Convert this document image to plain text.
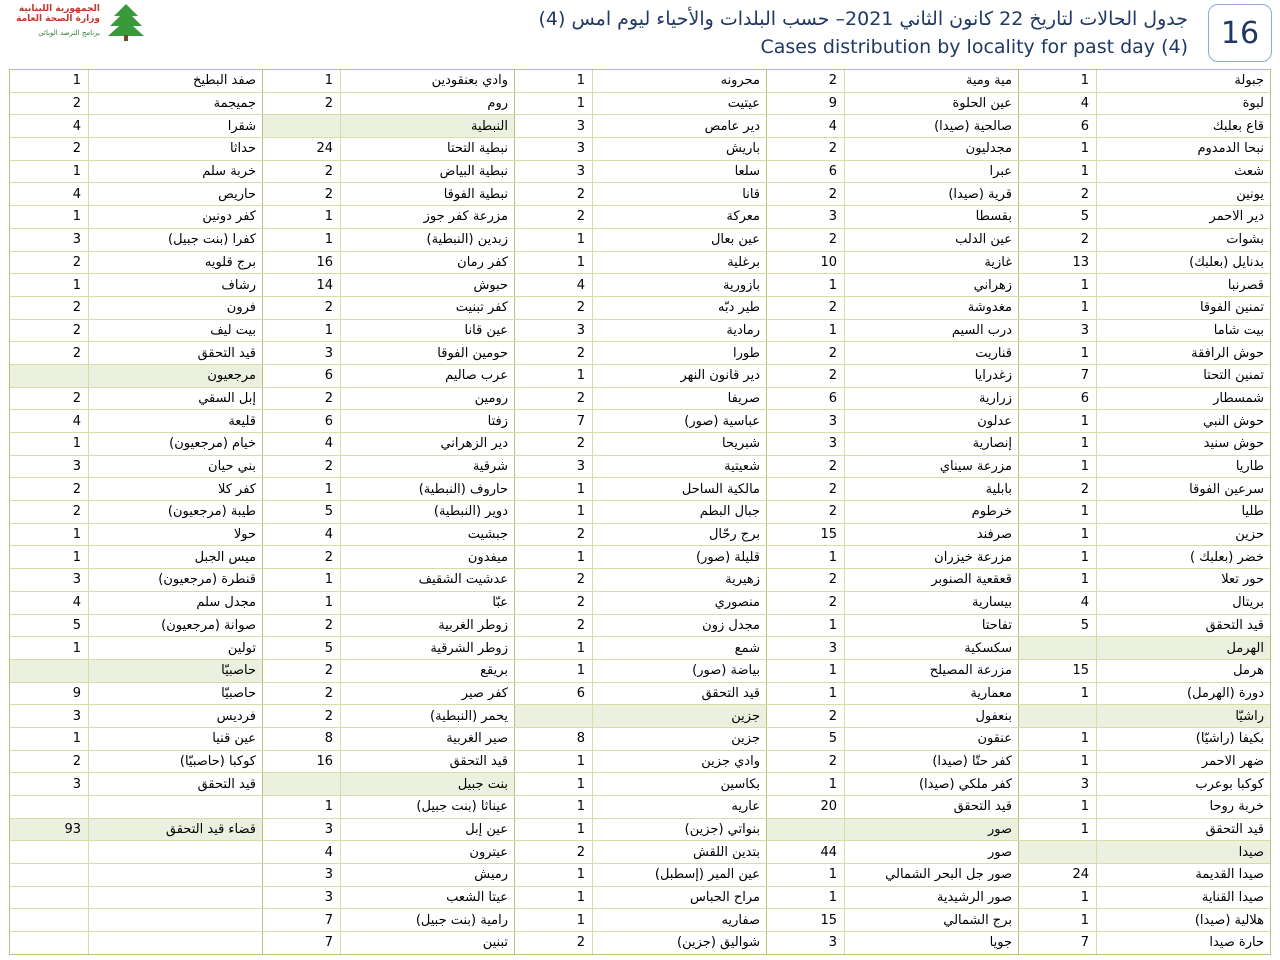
الجمهورية اللبنانية
وزارة الصحة العامة
برنامج الترصد الوبائي
جدول الحالات لتاريخ 22 كانون الثاني 2021– حسب البلدات والأحياء ليوم امس (4)
Cases distribution by locality for past day (4)	16
جبولة
1
مية ومية
2
محرونه
1
وادي بعنقودين
1
صفد البطيخ
1
لبوة
4
عين الحلوة
9
عيتيت
1
روم
2
جميجمة
2
قاع بعلبك
6
صالحية (صيدا)
4
دير عامص
3
النبطية
شقرا
4
نبحا الدمدوم
1
مجدليون
2
باريش
3
نبطية التحتا
24
حداثا
2
شعث
1
عبرا
6
سلعا
3
نبطية البياض
2
خربة سلم
1
يونين
2
قرية (صيدا)
2
قانا
2
نبطية الفوقا
2
حاريص
4
دير الاحمر
5
بقسطا
3
معركة
2
مزرعة كفر جوز
1
كفر دونين
1
بشوات
2
عين الدلب
2
عين بعال
1
زبدين (النبطية)
1
كفرا (بنت جبيل)
3
بدنايل (بعلبك)
13
غازية
10
برغلية
1
كفر رمان
16
برج قلويه
2
قصرنبا
1
زهراني
1
بازورية
4
حبوش
14
رشاف
1
تمنين الفوقا
1
مغدوشة
2
طير دبّه
2
كفر تبنيت
2
فرون
2
بيت شاما
3
درب السيم
1
رمادية
3
عين قانا
1
بيت ليف
2
حوش الرافقة
1
قناريت
2
طورا
2
حومين الفوقا
3
قيد التحقق
2
تمنين التحتا
7
زغدرايا
2
دير قانون النهر
1
عرب صاليم
6
مرجعيون
شمسطار
6
زرارية
6
صريفا
2
رومين
2
إبل السقي
2
حوش النبي
1
عدلون
3
عباسية (صور)
7
زفتا
6
قليعة
4
حوش سنيد
1
إنصارية
3
شبريحا
2
دير الزهراني
4
خيام (مرجعيون)
1
طاريا
1
مزرعة سيناي
2
شعيتية
3
شرقية
2
بني حيان
3
سرعين الفوقا
2
بابلية
2
مالكية الساحل
1
حاروف (النبطية)
1
كفر كلا
2
طليا
1
خرطوم
2
جبال البطم
1
دوير (النبطية)
5
طيبة (مرجعيون)
2
حزين
1
صرفند
15
برج رحّال
2
جبشيت
4
حولا
1
خضر (بعلبك )
1
مزرعة خيزران
1
قليلة (صور)
1
ميفدون
2
ميس الجبل
1
حور تعلا
1
قعقعية الصنوبر
2
زهيرية
2
عدشيت الشقيف
1
قنطرة (مرجعيون)
3
بريتال
4
بيسارية
2
منصوري
2
عبّا
1
مجدل سلم
4
قيد التحقق
5
تفاحتا
1
مجدل زون
2
زوطر الغربية
2
صوانة (مرجعيون)
5
الهرمل
سكسكية
3
شمع
1
زوطر الشرقية
5
تولين
1
هرمل
15
مزرعة المصيلح
1
بياضة (صور)
1
بريقع
2
حاصبيّا
دورة (الهرمل)
1
معمارية
1
قيد التحقق
6
كفر صير
2
حاصبيّا
9
راشيّا
بنعفول
2
جزين
يحمر (النبطية)
2
فرديس
3
بكيفا (راشيّا)
1
عنقون
5
جزين
8
صير الغربية
8
عين قنيا
1
ضهر الاحمر
1
كفر حتّا (صيدا)
2
وادي جزين
1
قيد التحقق
16
كوكبا (حاصبيّا)
2
كوكبا بوعرب
3
كفر ملكي (صيدا)
1
بكاسين
1
بنت جبيل
قيد التحقق
3
خربة روحا
1
قيد التحقق
20
عاريه
1
عيناثا (بنت جبيل)
1
قيد التحقق
1
صور
بنواتي (جزين)
1
عين إبل
3
قضاء قيد التحقق
93
صيدا
صور
44
بتدين اللقش
2
عيترون
4
صيدا القديمة
24
صور جل البحر الشمالي
1
عين المير (إسطبل)
1
رميش
3
صيدا القناية
1
صور الرشيدية
1
مراح الحباس
1
عيتا الشعب
3
هلالية (صيدا)
1
برج الشمالي
15
صفاريه
1
رامية (بنت جبيل)
7
حارة صيدا
7
جويا
3
شواليق (جزين)
2
تبنين
7
